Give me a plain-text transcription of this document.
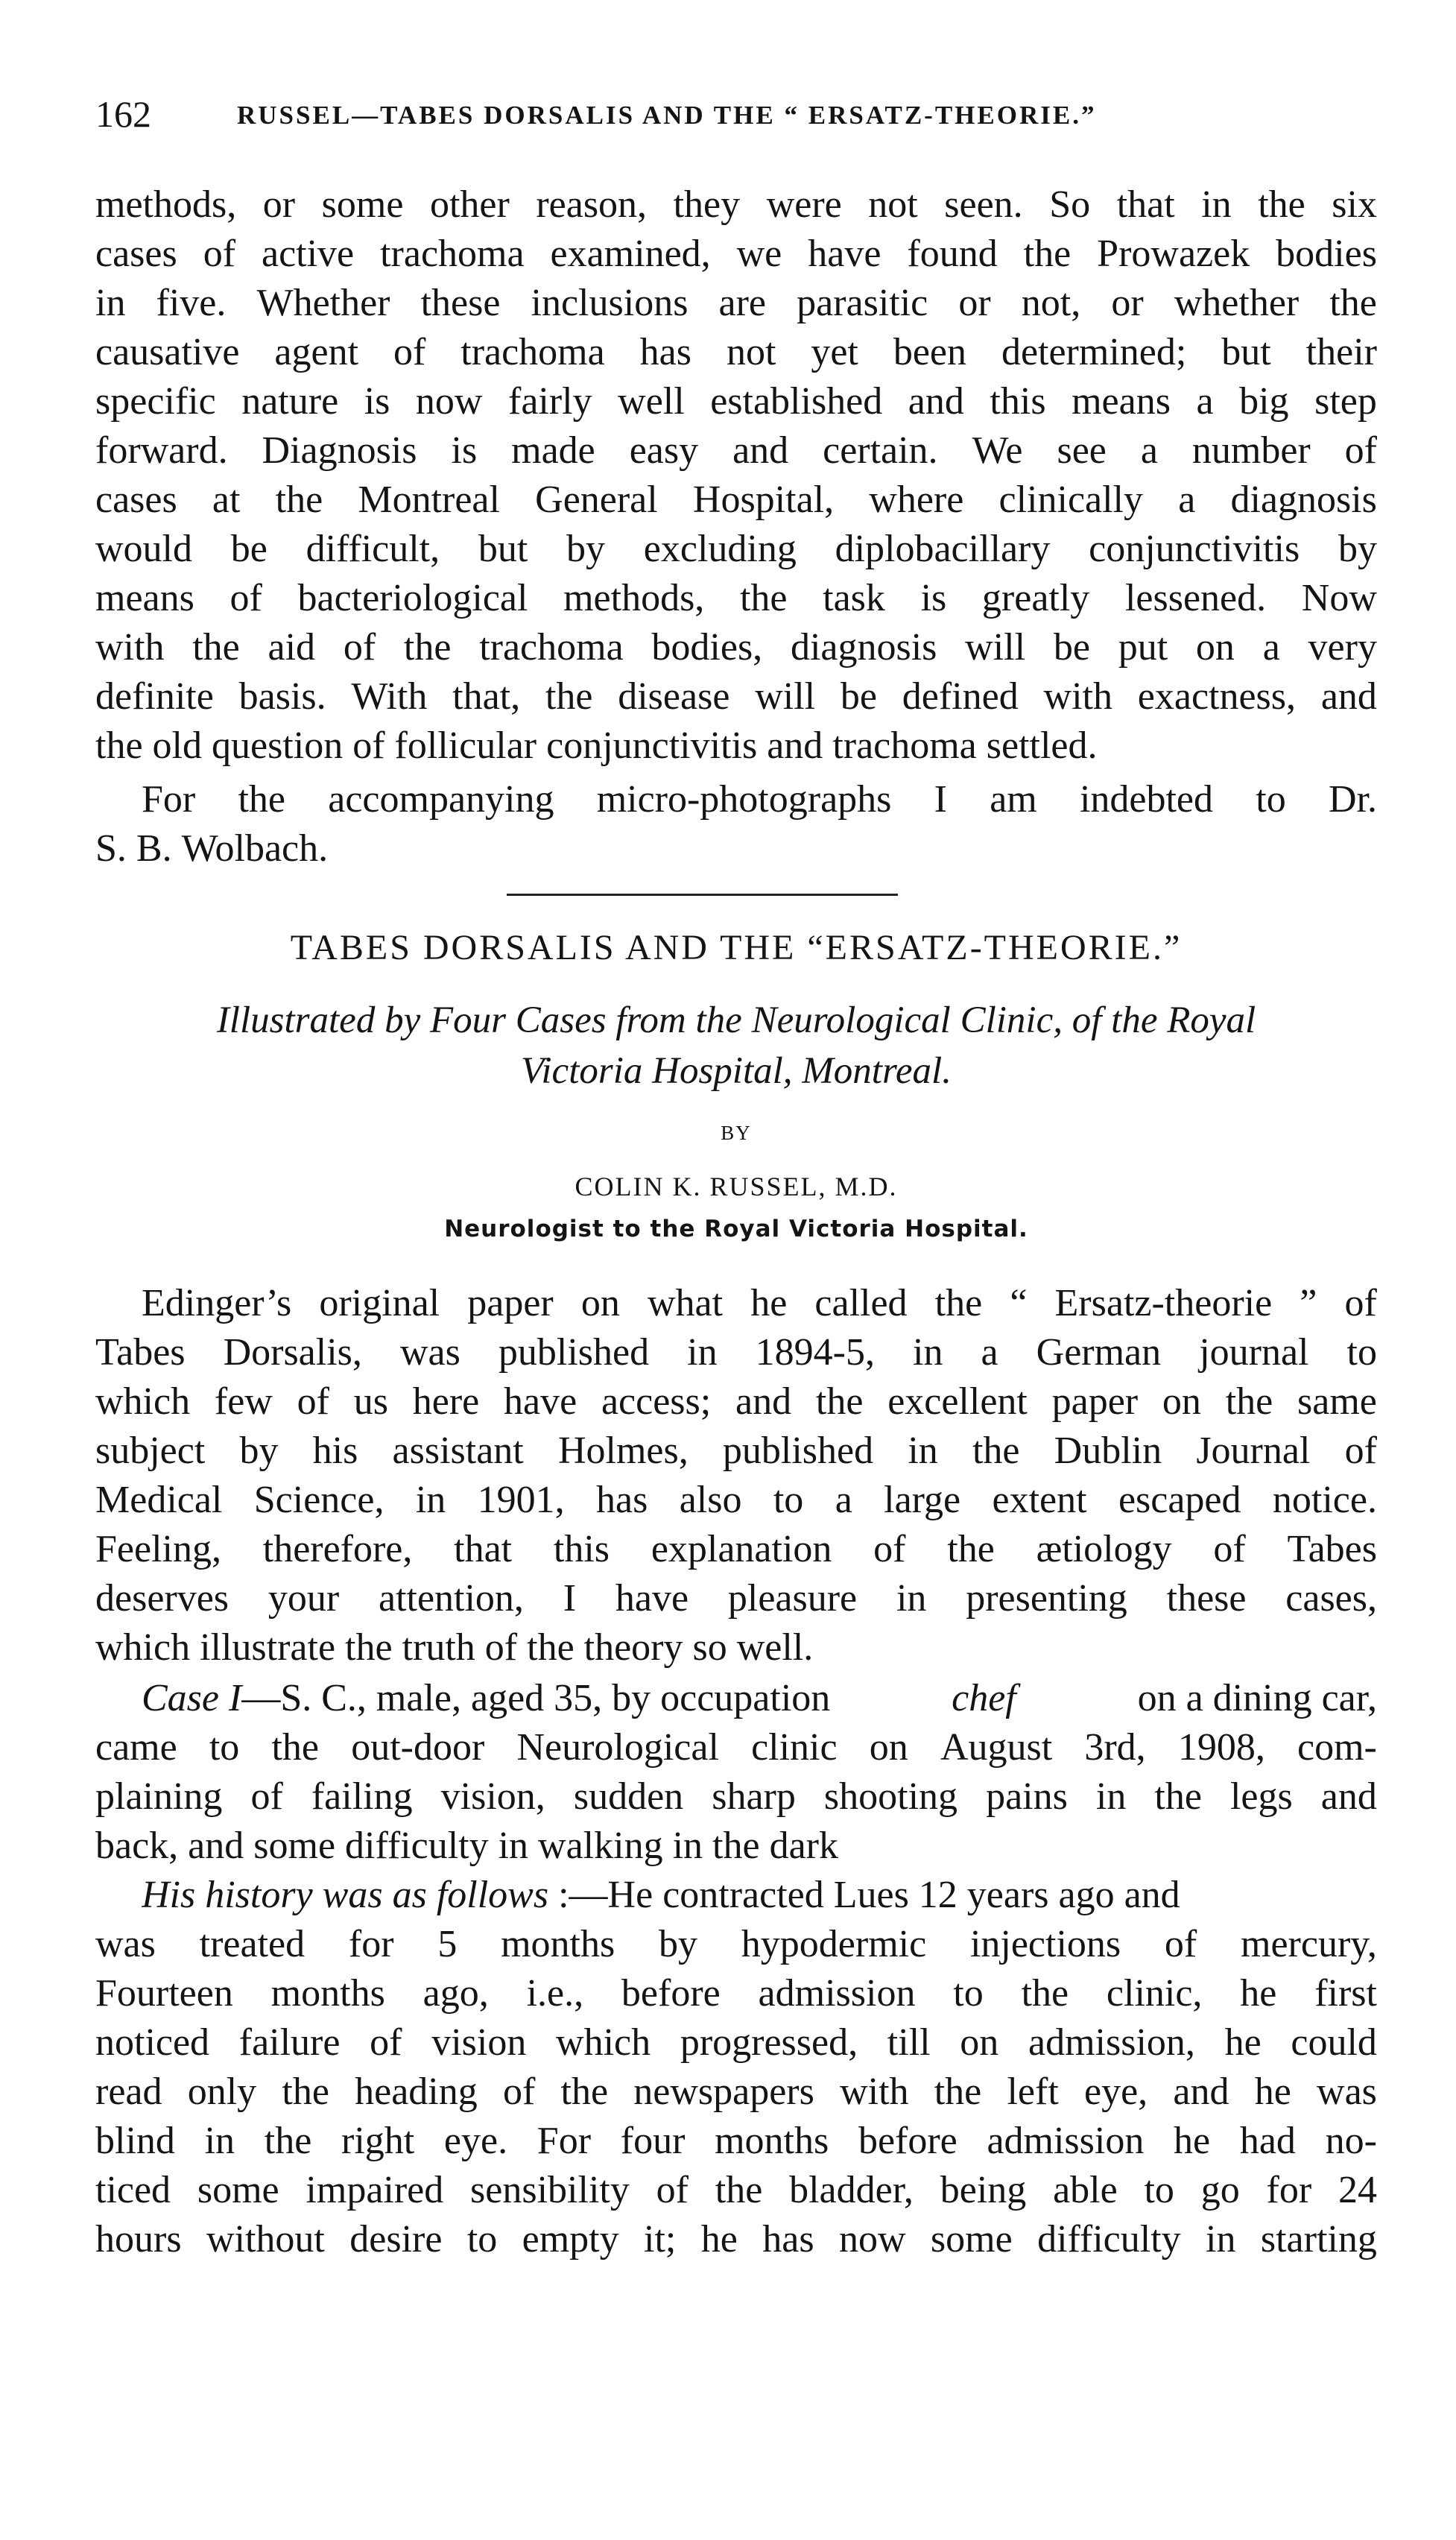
162	RUSSEL—TABES DORSALIS AND THE “ ERSATZ-THEORIE.”
methods, or some other reason, they were not seen. So that in the six
cases of active trachoma examined, we have found the Prowazek bodies
in five. Whether these inclusions are parasitic or not, or whether the
causative agent of trachoma has not yet been determined; but their
specific nature is now fairly well established and this means a big step
forward. Diagnosis is made easy and certain. We see a number of
cases at the Montreal General Hospital, where clinically a diagnosis
would be difficult, but by excluding diplobacillary conjunctivitis by
means of bacteriological methods, the task is greatly lessened. Now
with the aid of the trachoma bodies, diagnosis will be put on a very
definite basis. With that, the disease will be defined with exactness, and
the old question of follicular conjunctivitis and trachoma settled.
For the accompanying micro-photographs I am indebted to Dr.
S. B. Wolbach.
TABES DORSALIS AND THE “ERSATZ-THEORIE.”
Illustrated by Four Cases from the Neurological Clinic, of the Royal
Victoria Hospital, Montreal.
BY
COLIN K. RUSSEL, M.D.
Neurologist to the Royal Victoria Hospital.
Edinger’s original paper on what he called the “ Ersatz-theorie ” of
Tabes Dorsalis, was published in 1894-5, in a German journal to
which few of us here have access; and the excellent paper on the same
subject by his assistant Holmes, published in the Dublin Journal of
Medical Science, in 1901, has also to a large extent escaped notice.
Feeling, therefore, that this explanation of the ætiology of Tabes
deserves your attention, I have pleasure in presenting these cases,
which illustrate the truth of the theory so well.
Case I—S. C., male, aged 35, by occupation	chef	on a dining car,
came to the out-door Neurological clinic on August 3rd, 1908, com-
plaining of failing vision, sudden sharp shooting pains in the legs and
back, and some difficulty in walking in the dark
His history was as follows :—He contracted Lues 12 years ago and
was treated for 5 months by hypodermic injections of mercury,
Fourteen months ago, i.e., before admission to the clinic, he first
noticed failure of vision which progressed, till on admission, he could
read only the heading of the newspapers with the left eye, and he was
blind in the right eye. For four months before admission he had no-
ticed some impaired sensibility of the bladder, being able to go for 24
hours without desire to empty it; he has now some difficulty in starting
